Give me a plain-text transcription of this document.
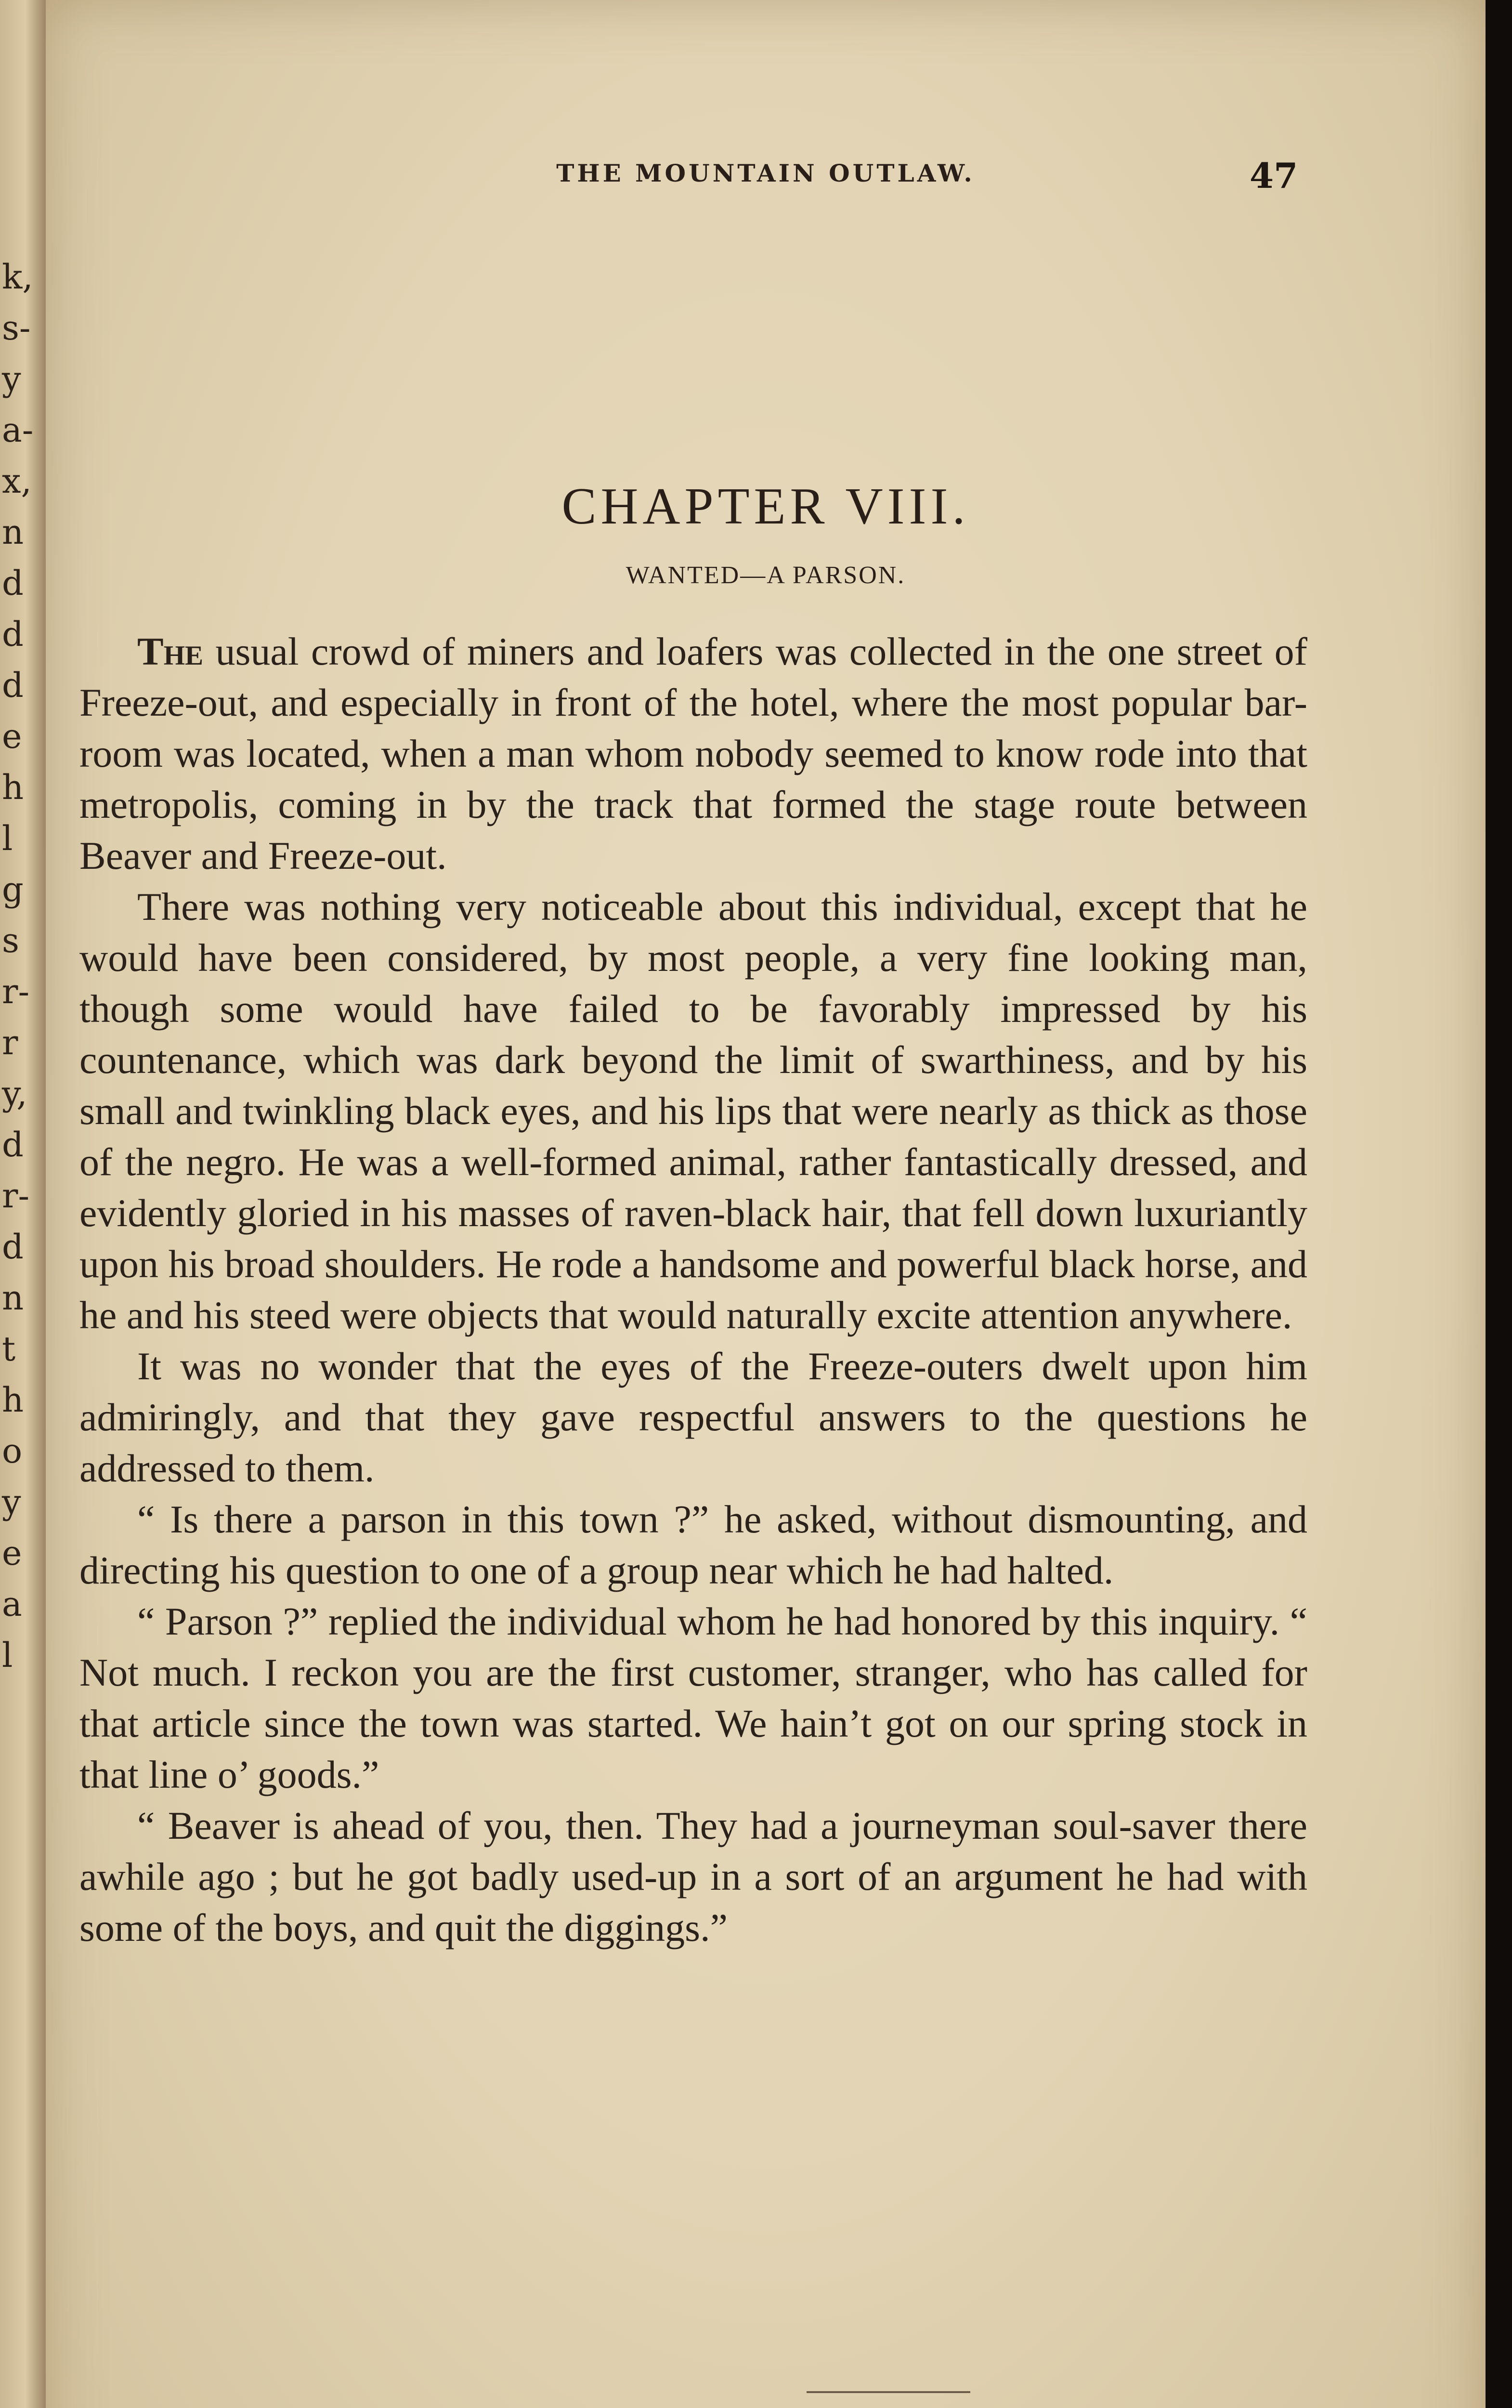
k,
s-
y
a-
x,
n
d
d
d
e
h
l
g
s
r-
r
y,
d
r-
d
n
t
h
o
y
e
a
l
THE MOUNTAIN OUTLAW.	47
CHAPTER VIII.
WANTED—A PARSON.

The usual crowd of miners and loafers was collected in the one street of Freeze-out, and especially in front of the hotel, where the most popular bar-room was located, when a man whom nobody seemed to know rode into that metropolis, coming in by the track that formed the stage route between Beaver and Freeze-out.

There was nothing very noticeable about this individual, except that he would have been considered, by most people, a very fine looking man, though some would have failed to be favorably impressed by his countenance, which was dark beyond the limit of swarthiness, and by his small and twinkling black eyes, and his lips that were nearly as thick as those of the negro. He was a well-formed animal, rather fantastically dressed, and evidently gloried in his masses of raven-black hair, that fell down luxuriantly upon his broad shoulders. He rode a handsome and powerful black horse, and he and his steed were objects that would naturally excite attention anywhere.

It was no wonder that the eyes of the Freeze-outers dwelt upon him admiringly, and that they gave respectful answers to the questions he addressed to them.

“ Is there a parson in this town ?” he asked, without dismounting, and directing his question to one of a group near which he had halted.

“ Parson ?” replied the individual whom he had honored by this inquiry. “ Not much. I reckon you are the first customer, stranger, who has called for that article since the town was started. We hain’t got on our spring stock in that line o’ goods.”

“ Beaver is ahead of you, then. They had a journeyman soul-saver there awhile ago ; but he got badly used-up in a sort of an argument he had with some of the boys, and quit the diggings.”
